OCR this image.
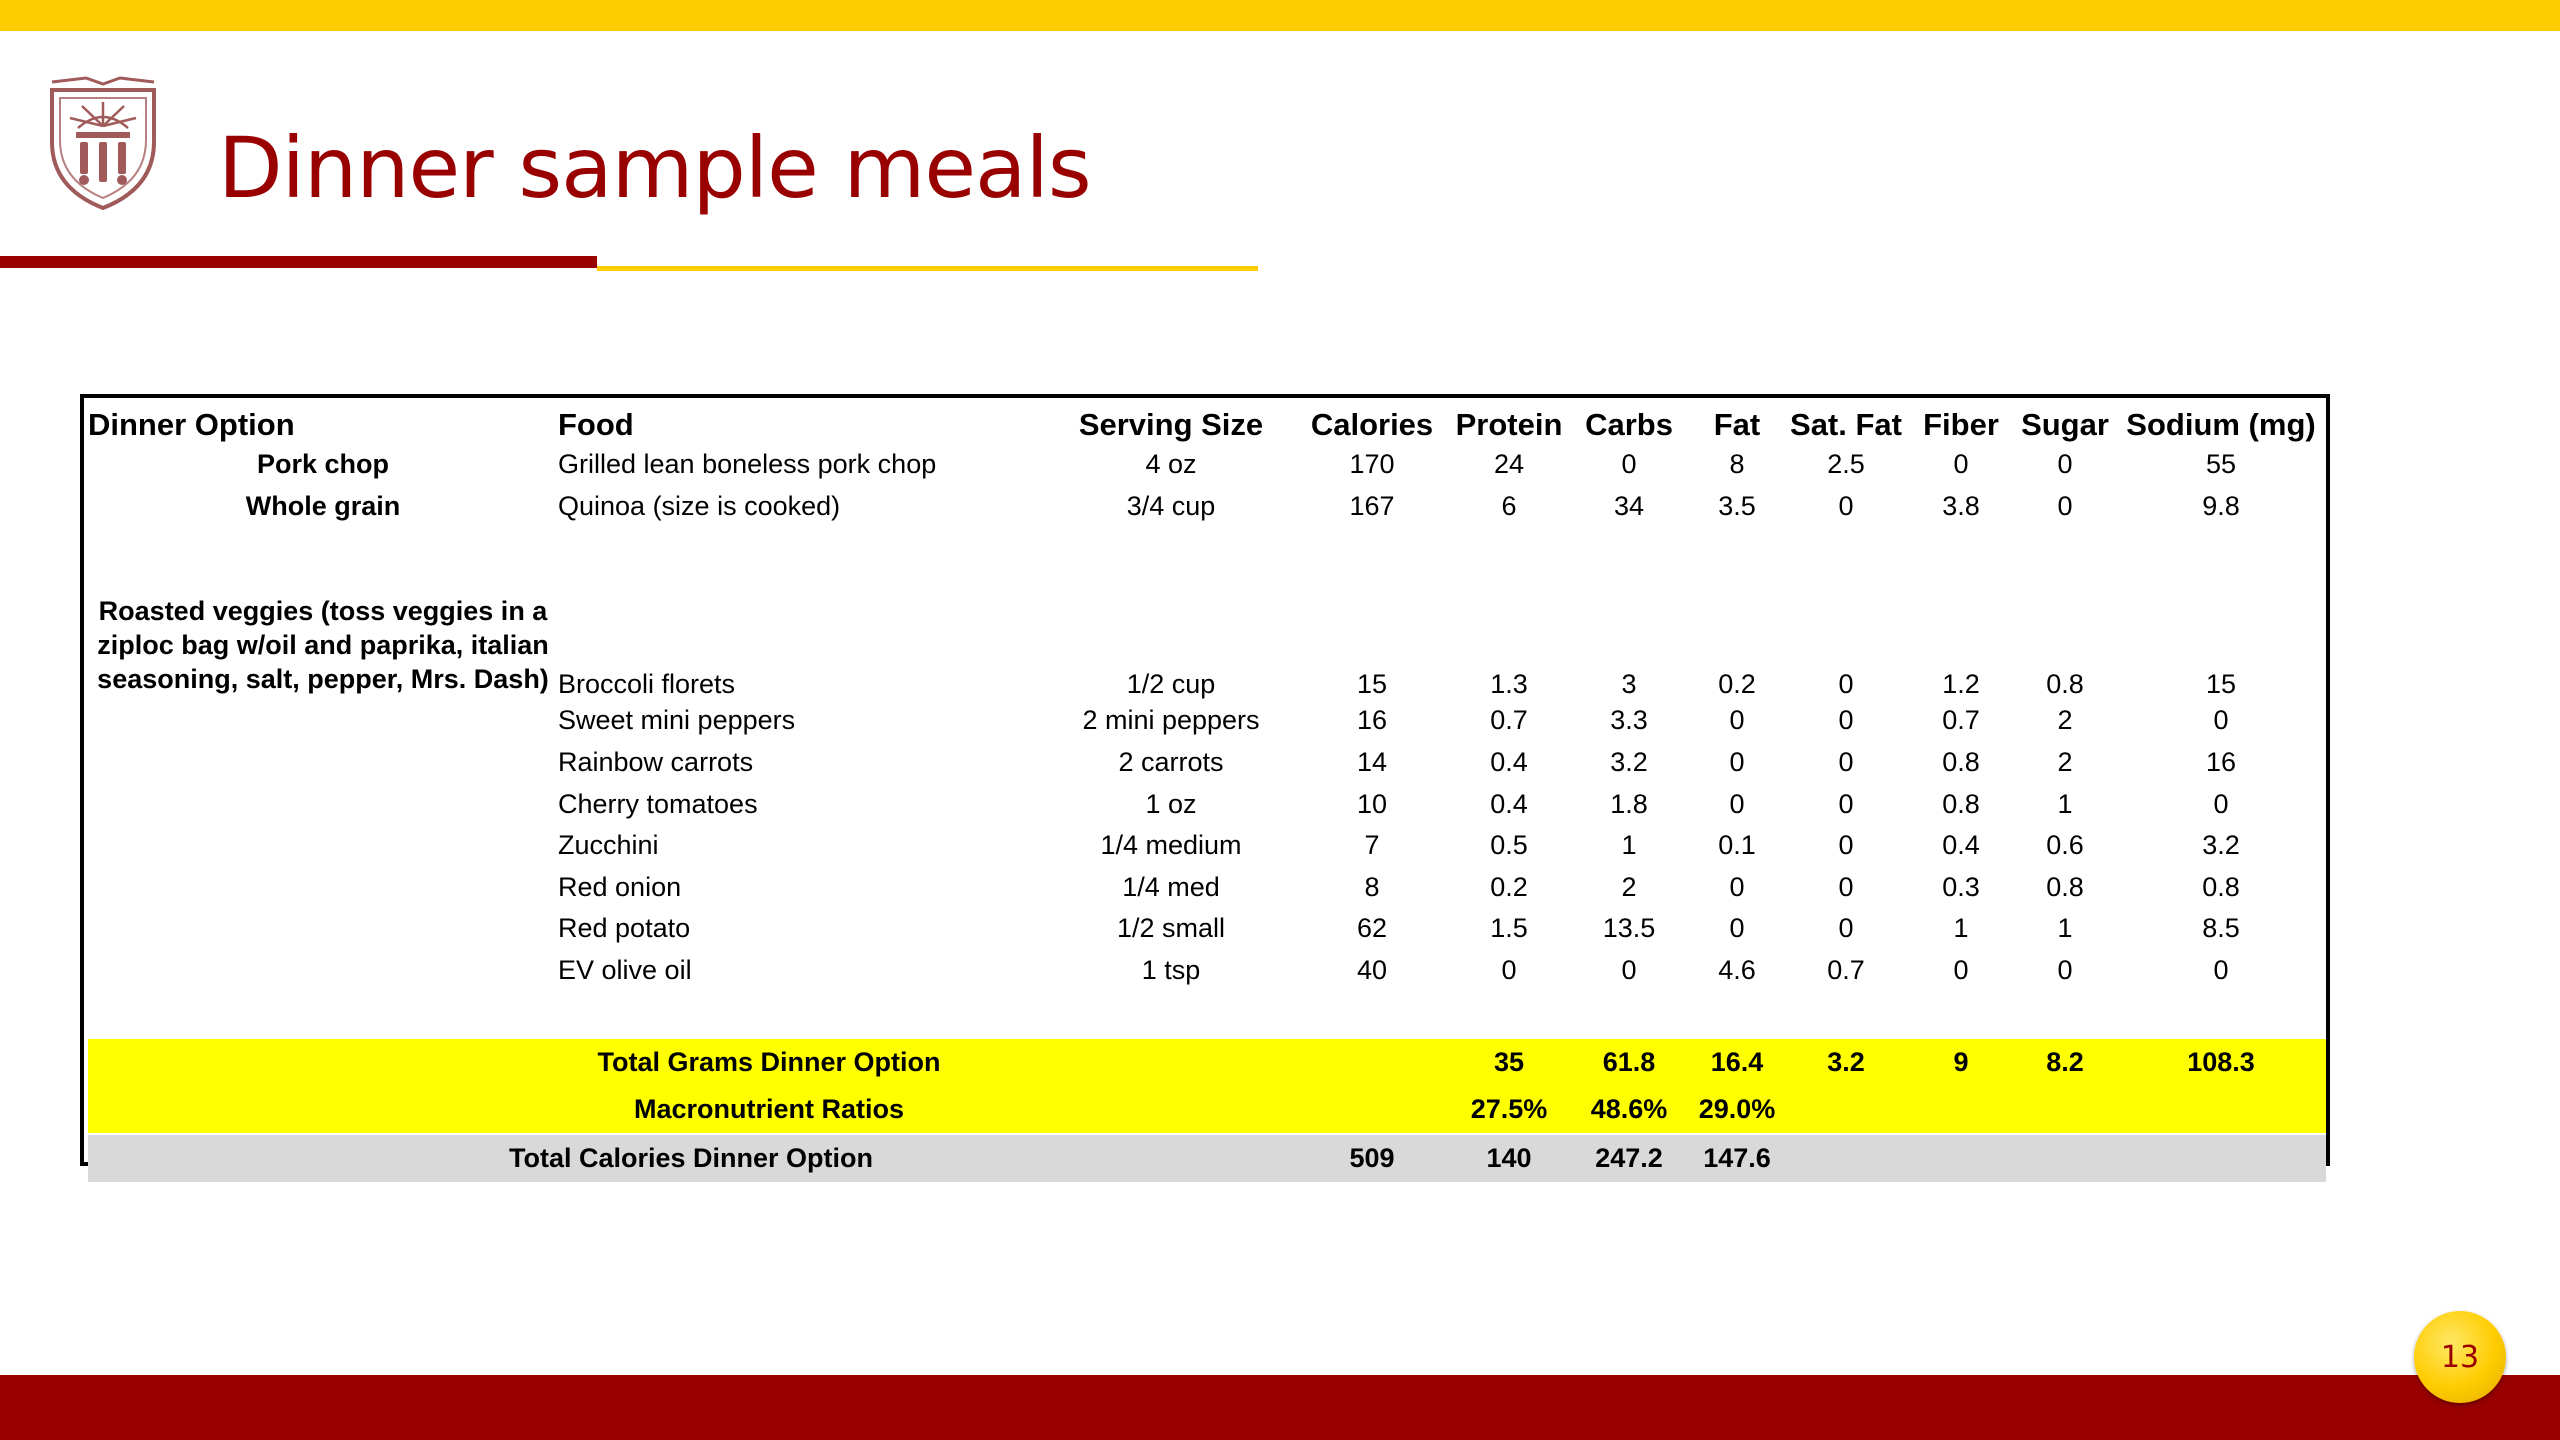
Dinner sample meals
Dinner Option	Food	Serving Size	Calories	Protein	Carbs	Fat	Sat. Fat	Fiber	Sugar	Sodium (mg)
Pork chop	Grilled lean boneless pork chop	4 oz	170	24	0	8	2.5	0	0	55
Whole grain	Quinoa (size is cooked)	3/4 cup	167	6	34	3.5	0	3.8	0	9.8
Roasted veggies (toss veggies in a ziploc bag w/oil and paprika, italian seasoning, salt, pepper, Mrs. Dash)	Broccoli florets	1/2 cup	15	1.3	3	0.2	0	1.2	0.8	15
	Sweet mini peppers	2 mini peppers	16	0.7	3.3	0	0	0.7	2	0
	Rainbow carrots	2 carrots	14	0.4	3.2	0	0	0.8	2	16
	Cherry tomatoes	1 oz	10	0.4	1.8	0	0	0.8	1	0
	Zucchini	1/4 medium	7	0.5	1	0.1	0	0.4	0.6	3.2
	Red onion	1/4 med	8	0.2	2	0	0	0.3	0.8	0.8
	Red potato	1/2 small	62	1.5	13.5	0	0	1	1	8.5
	EV olive oil	1 tsp	40	0	0	4.6	0.7	0	0	0

Total Grams Dinner Option				35	61.8	16.4	3.2	9	8.2	108.3
Macronutrient Ratios				27.5%	48.6%	29.0%				
Total Calories Dinner Option			509	140	247.2	147.6				
13
